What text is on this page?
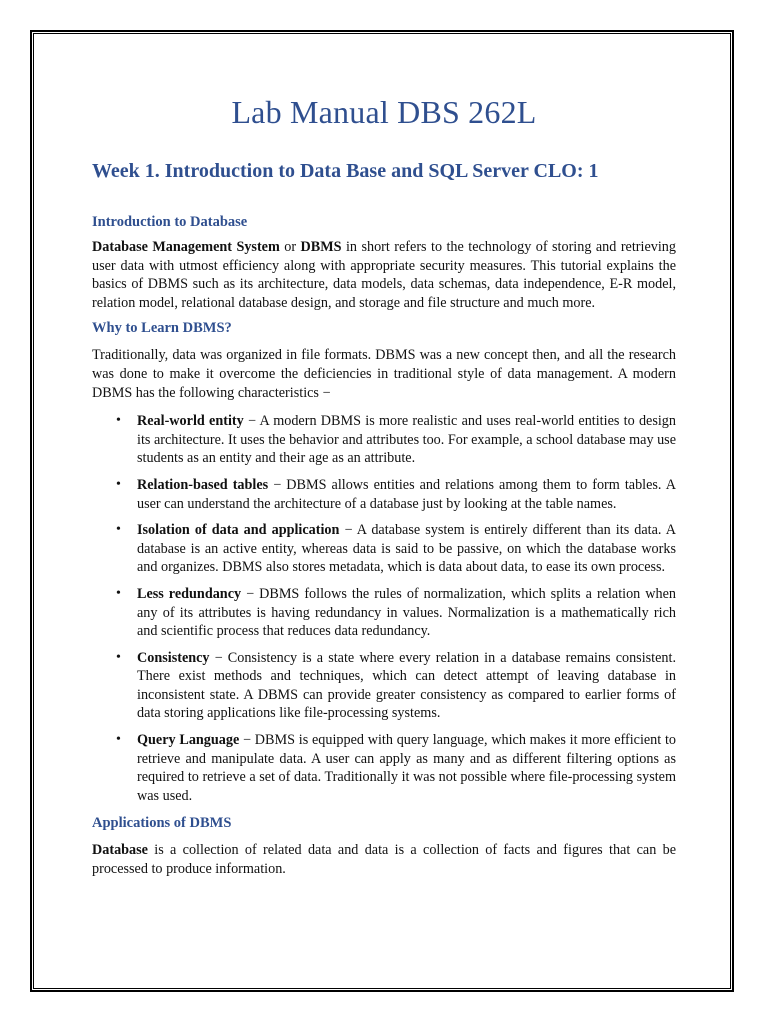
Lab Manual DBS 262L
Week 1. Introduction to Data Base and SQL Server CLO: 1
Introduction to Database

Database Management System or DBMS in short refers to the technology of storing and retrieving user data with utmost efficiency along with appropriate security measures. This tutorial explains the basics of DBMS such as its architecture, data models, data schemas, data independence, E-R model, relation model, relational database design, and storage and file structure and much more.

Why to Learn DBMS?

Traditionally, data was organized in file formats. DBMS was a new concept then, and all the research was done to make it overcome the deficiencies in traditional style of data management. A modern DBMS has the following characteristics −

• Real-world entity − A modern DBMS is more realistic and uses real-world entities to design its architecture. It uses the behavior and attributes too. For example, a school database may use students as an entity and their age as an attribute.

• Relation-based tables − DBMS allows entities and relations among them to form tables. A user can understand the architecture of a database just by looking at the table names.

• Isolation of data and application − A database system is entirely different than its data. A database is an active entity, whereas data is said to be passive, on which the database works and organizes. DBMS also stores metadata, which is data about data, to ease its own process.

• Less redundancy − DBMS follows the rules of normalization, which splits a relation when any of its attributes is having redundancy in values. Normalization is a mathematically rich and scientific process that reduces data redundancy.

• Consistency − Consistency is a state where every relation in a database remains consistent. There exist methods and techniques, which can detect attempt of leaving database in inconsistent state. A DBMS can provide greater consistency as compared to earlier forms of data storing applications like file-processing systems.

• Query Language − DBMS is equipped with query language, which makes it more efficient to retrieve and manipulate data. A user can apply as many and as different filtering options as required to retrieve a set of data. Traditionally it was not possible where file-processing system was used.

Applications of DBMS

Database is a collection of related data and data is a collection of facts and figures that can be processed to produce information.
